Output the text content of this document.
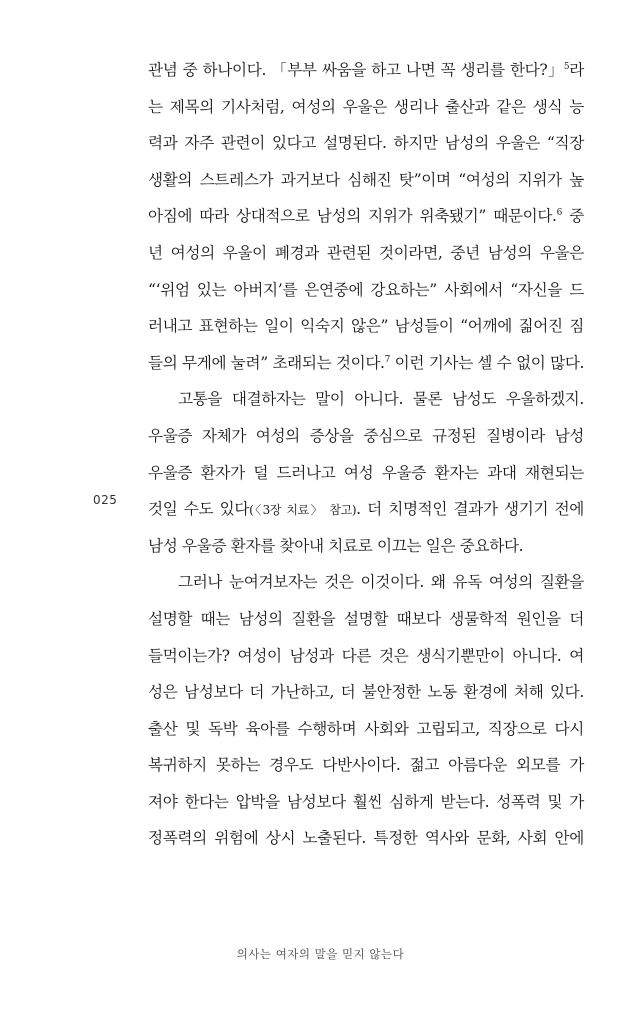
관념 중 하나이다. 「부부 싸움을 하고 나면 꼭 생리를 한다?」$^5$라
는 제목의 기사처럼, 여성의 우울은 생리나 출산과 같은 생식 능
력과 자주 관련이 있다고 설명된다. 하지만 남성의 우울은 “직장
생활의 스트레스가 과거보다 심해진 탓”이며 “여성의 지위가 높
아짐에 따라 상대적으로 남성의 지위가 위축됐기” 때문이다.$^6$ 중
년 여성의 우울이 폐경과 관련된 것이라면, 중년 남성의 우울은
“‘위엄 있는 아버지’를 은연중에 강요하는” 사회에서 “자신을 드
러내고 표현하는 일이 익숙지 않은” 남성들이 “어깨에 짊어진 짐
들의 무게에 눌려” 초래되는 것이다.$^7$ 이런 기사는 셀 수 없이 많다.
고통을 대결하자는 말이 아니다. 물론 남성도 우울하겠지.
우울증 자체가 여성의 증상을 중심으로 규정된 질병이라 남성
우울증 환자가 덜 드러나고 여성 우울증 환자는 과대 재현되는
것일 수도 있다(〈3장 치료〉 참고). 더 치명적인 결과가 생기기 전에
남성 우울증 환자를 찾아내 치료로 이끄는 일은 중요하다.
그러나 눈여겨보자는 것은 이것이다. 왜 유독 여성의 질환을
설명할 때는 남성의 질환을 설명할 때보다 생물학적 원인을 더
들먹이는가? 여성이 남성과 다른 것은 생식기뿐만이 아니다. 여
성은 남성보다 더 가난하고, 더 불안정한 노동 환경에 처해 있다.
출산 및 독박 육아를 수행하며 사회와 고립되고, 직장으로 다시
복귀하지 못하는 경우도 다반사이다. 젊고 아름다운 외모를 가
져야 한다는 압박을 남성보다 훨씬 심하게 받는다. 성폭력 및 가
정폭력의 위험에 상시 노출된다. 특정한 역사와 문화, 사회 안에
025
의사는 여자의 말을 믿지 않는다
